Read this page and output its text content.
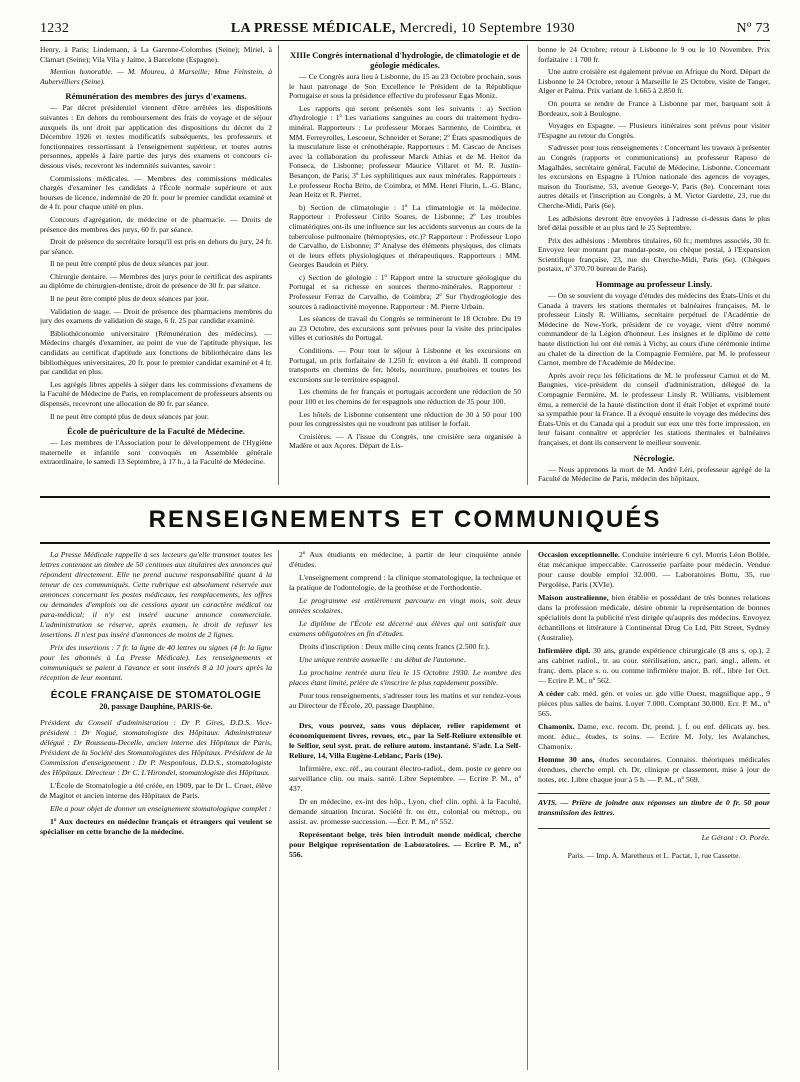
1232	LA PRESSE MÉDICALE, Mercredi, 10 Septembre 1930	Nº 73

Henry, à Paris; Lindemann, à La Garenne-Colombes (Seine); Miriel, à Clamart (Seine); Vila Vila y Jaime, à Barcelone (Espagne).

Mention honorable. — M. Moureu, à Marseille; Mme Feinstein, à Aubervilliers (Seine).

Rémunération des membres des jurys d'examens.

— Par décret présidentiel viennent d'être arrêtées les dispositions suivantes : En dehors du remboursement des frais de voyage et de séjour auxquels ils ont droit par application des dispositions du décret du 2 Décembre 1926 et textes modificatifs subséquents, les professeurs et fonctionnaires ressortissant à l'enseignement supérieur, et toutes autres personnes, appelés à faire partie des jurys des examens et concours ci-dessous visés, recevront les indemnités suivantes, savoir :

Commissions médicales. — Membres des commissions médicales chargés d'examiner les candidats à l'École normale supérieure et aux bourses de licence, indemnité de 20 fr. pour le premier candidat examiné et de 4 fr. pour chaque unité en plus.

Concours d'agrégation, de médecine et de pharmacie. — Droits de présence des membres des jurys, 60 fr. par séance.

Droit de présence du secrétaire lorsqu'il est pris en dehors du jury, 24 fr. par séance.

Il ne peut être compté plus de deux séances par jour.

Chirurgie dentaire. — Membres des jurys pour le certificat des aspirants au diplôme de chirurgien-dentiste, droit de présence de 30 fr. par séance.

Il ne peut être compté plus de deux séances par jour.

Validation de stage. — Droit de présence des pharmaciens membres du jury des examens de validation de stage, 6 fr. 25 par candidat examiné.

Bibliothéconomie universitaire (Rémunération des médecins). — Médecins chargés d'examiner, au point de vue de l'aptitude physique, les candidats au certificat d'aptitude aux fonctions de bibliothécaire dans les bibliothèques universitaires, 20 fr. pour le premier candidat examiné et 4 fr. par candidat en plus.

Les agrégés libres appelés à siéger dans les commissions d'examens de la Faculté de Médecine de Paris, en remplacement de professeurs absents ou dispensés, recevront une allocation de 80 fr. par séance.

Il ne peut être compté plus de deux séances par jour.

École de puériculture de la Faculté de Médecine.

— Les membres de l'Association pour le développement de l'Hygiène maternelle et infantile sont convoqués en Assemblée générale extraordinaire, le samedi 13 Septembre, à 17 h., à la Faculté de Médecine.

XIIIe Congrès international d'hydrologie, de climatologie et de géologie médicales.

— Ce Congrès aura lieu à Lisbonne, du 15 au 23 Octobre prochain, sous le haut patronage de Son Excellence le Président de la République Portugaise et sous la présidence effective du professeur Egas Moniz.

Les rapports qui seront présentés sont les suivants : a) Section d'hydrologie : 1º Les variations sanguines au cours du traitement hydro-minéral. Rapporteurs : Le professeur Moraes Sarmento, de Coimbra, et MM. Ferreyrolles, Lescoeur, Schneider et Serane; 2º États spasmodiques de la musculature lisse et crénothérapie. Rapporteurs : M. Cascao de Ancises avec la collaboration du professeur Marck Athias et de M. Heitor da Fonseca, de Lisbonne; professeur Maurice Villaret et M. R. Justin-Besançon, de Paris; 3º Les syphilitiques aux eaux minérales. Rapporteurs : Le professeur Rocha Brito, de Coimbra, et MM. Henri Flurin, L.-G. Blanc, Jean Heitz et R. Pierret.

b) Section de climatologie : 1º La climatologie et la médecine. Rapporteur : Professeur Cirilo Soares, de Lisbonne; 2º Les troubles climatériques ont-ils une influence sur les accidents survenus au cours de la tuberculose pulmonaire (hémoptysies, etc.)? Rapporteur : Professeur Lopo de Carvalho, de Lisbonne; 3º Analyse des éléments physiques, des climats et de leurs effets physiologiques et thérapeutiques. Rapporteurs : MM. Georges Baudoin et Piéry.

c) Section de géologie : 1º Rapport entre la structure géologique du Portugal et sa richesse en sources thermo-minérales. Rapporteur : Professeur Ferraz de Carvalho, de Coimbra; 2º Sur l'hydrogéologie des sources à radioactivité moyenne. Rapporteur : M. Pierre Urbain.

Les séances de travail du Congrès se termineront le 18 Octobre. Du 19 au 23 Octobre, des excursions sont prévues pour la visite des principales villes et curiosités du Portugal.

Conditions. — Pour tout le séjour à Lisbonne et les excursions en Portugal, un prix forfaitaire de 1.250 fr. environ a été établi. Il comprend transports en chemins de fer, hôtels, nourriture, pourboires et toutes les excursions sur le territoire espagnol.

Les chemins de fer français et portugais accordent une réduction de 50 pour 100 et les chemins de fer espagnols une réduction de 35 pour 100.

Les hôtels de Lisbonne consentent une réduction de 30 à 50 pour 100 pour les congressistes qui ne voudront pas utiliser le forfait.

Croisières. — A l'issue du Congrès, une croisière sera organisée à Madère et aux Açores. Départ de Lis-

bonne le 24 Octobre; retour à Lisbonne le 9 ou le 10 Novembre. Prix forfaitaire : 1 700 fr.

Une autre croisière est également prévue en Afrique du Nord. Départ de Lisbonne le 24 Octobre, retour à Marseille le 25 Octobre, visite de Tanger, Alger et Palma. Prix variant de 1.665 à 2.850 fr.

On pourra se rendre de France à Lisbonne par mer, barquant soit à Bordeaux, soit à Boulogne.

Voyages en Espagne. — Plusieurs itinéraires sont prévus pour visiter l'Espagne au retour du Congrès.

S'adresser pour tous renseignements : Concernant les travaux à présenter au Congrès (rapports et communications) au professeur Raposo de Magalhães, secrétaire général, Faculté de Médecine, Lisbonne. Concernant les excursions en Espagne à l'Union nationale des agences de voyages, maison du Tourisme, 53, avenue George-V, Paris (8e). Concernant tous autres détails et l'inscription au Congrès, à M. Victor Gardette, 23, rue du Cherche-Midi, Paris (6e).

Les adhésions devront être envoyées à l'adresse ci-dessus dans le plus bref délai possible et au plus tard le 25 Septembre.

Prix des adhésions : Membres titulaires, 60 fr.; membres associés, 30 fr. Envoyez leur montant par mandat-poste, ou chèque postal, à l'Expansion Scientifique française, 23, rue du Cherche-Midi, Paris (6e). (Chèques postaux, nº 370.70 bureau de Paris).

Hommage au professeur Linsly.

— On se souvient du voyage d'études des médecins des États-Unis et du Canada à travers les stations thermales et balnéaires françaises. M. le professeur Linsly R. Williams, secrétaire perpétuel de l'Académie de Médecine de New-York, président de ce voyage, vient d'être nommé commandeur de la Légion d'honneur. Les insignes et le diplôme de cette haute distinction lui ont été remis à Vichy, au cours d'une cérémonie intime au chalet de la direction de la Compagnie Fermière, par M. le professeur Carnot, membre de l'Académie de Médecine.

Après avoir reçu les félicitations de M. le professeur Carnot et de M. Baugnies, vice-président du conseil d'administration, délégué de la Compagnie Fermière, M. le professeur Linsly R. Williams, visiblement ému, a remercié de la haute distinction dont il était l'objet et exprimé toute sa sympathie pour la France. Il a évoqué ensuite le voyage des médecins des États-Unis et du Canada qui a produit sur eux une très forte impression, en leur faisant connaître et apprécier les stations thermales et balnéaires françaises, et dont ils conservent le meilleur souvenir.

Nécrologie.

— Nous apprenons la mort de M. André Léri, professeur agrégé de la Faculté de Médecine de Paris, médecin des hôpitaux.

RENSEIGNEMENTS ET COMMUNIQUÉS

La Presse Médicale rappelle à ses lecteurs qu'elle transmet toutes les lettres contenant un timbre de 50 centimes aux titulaires des annonces qui répondent directement. Elle ne prend aucune responsabilité quant à la teneur de ces communiqués. Cette rubrique est absolument réservée aux annonces concernant les postes médicaux, les remplacements, les offres ou demandes d'emplois ou de cessions ayant un caractère médical ou para-médical; il n'y est inséré aucune annonce commerciale. L'administration se réserve, après examen, le droit de refuser les insertions. Il n'est pas inséré d'annonces de moins de 2 lignes.

Prix des insertions : 7 fr. la ligne de 40 lettres ou signes (4 fr. la ligne pour les abonnés à La Presse Médicale). Les renseignements et communiqués se paient à l'avance et sont insérés 8 à 10 jours après la réception de leur montant.

ÉCOLE FRANÇAISE DE STOMATOLOGIE
20, passage Dauphine, PARIS-6e.

Président du Conseil d'administration : Dr P. Gires, D.D.S. Vice-président : Dr Nogué, stomatologiste des Hôpitaux. Administrateur délégué : Dr Rousseau-Decelle, ancien interne des Hôpitaux de Paris, Président de la Société des Stomatologistes des Hôpitaux. Président de la Commission d'enseignement : Dr P. Nespoulous, D.D.S., stomatologiste des Hôpitaux. Directeur : Dr C. L'Hirondel, stomatologiste des Hôpitaux.

L'École de Stomatologie a été créée, en 1909, par le Dr L. Cruet, élève de Magitot et ancien interne des Hôpitaux de Paris.

Elle a pour objet de donner un enseignement stomatologique complet :

1º Aux docteurs en médecine français et étrangers qui veulent se spécialiser en cette branche de la médecine.

2º Aux étudiants en médecine, à partir de leur cinquième année d'études.

L'enseignement comprend : la clinique stomatologique, la technique et la pratique de l'odontologie, de la prothèse et de l'orthodontie.

Le programme est entièrement parcouru en vingt mois, soit deux années scolaires.

Le diplôme de l'École est décerné aux élèves qui ont satisfait aux examens obligatoires en fin d'études.

Droits d'inscription : Deux mille cinq cents francs (2.500 fr.).

Une unique rentrée annuelle : au début de l'automne.

La prochaine rentrée aura lieu le 15 Octobre 1930. Le nombre des places étant limité, prière de s'inscrire le plus rapidement possible.

Pour tous renseignements, s'adresser tous les matins et sur rendez-vous au Directeur de l'École, 20, passage Dauphine.

Drs, vous pouvez, sans vous déplacer, relier rapidement et économiquement livres, revues, etc., par la Self-Reliure extensible et le Selfior, seul syst. prat. de reliure autom. instantané. S'adr. La Self-Reliure, 14, Villa Eugène-Leblanc, Paris (19e).

Infirmière, exc. réf., au courant électro-radiol., dem. poste ce genre ou surveillance clin. ou mais. santé. Libre Septembre. — Ecrire P. M., nº 437.

Dr en médecine, ex-int des hôp., Lyon, chef clin. ophi. à la Faculté, demande situation Incurat. Société fr. ou étr., colonial ou métrop., ou assist. av. promesse succession. —Écr. P. M., nº 552.

Représentant belge, très bien introduit monde médical, cherche pour Belgique représentation de Laboratoires. — Ecrire P. M., nº 556.

Occasion exceptionnelle. Conduite intérieure 6 cyl. Morris Léon Bollée, état mécanique impeccable. Carrosserie parfaite pour médecin. Vendue pour cause double emploi 32.000. — Laboratoires Bottu, 35, rue Pergolèse, Paris (XVIe).

Maison australienne, bien établie et possédant de très bonnes relations dans la profession médicale, désire obtenir la représentation de bonnes spécialités dont la publicité n'est dirigée qu'auprès des médecins. Envoyez échantillons et littérature à Continental Drug Co Ltd, Pitt Street, Sydney (Australie).

Infirmière dipl. 30 ans, grande expérience chirurgicale (8 ans s. op.), 2 ans cabinet radiol., tr. au cour. stérilisation, ancr., pari. angl., allem. et franç. dem. place s. o. ou comme infirmière major. B. réf., libre 1er Oct. — Ecrire P. M., nº 562.

A céder cab. méd. gén. et voies ur. gde ville Ouest, magnifique app., 9 pièces plus salles de bains. Loyer 7.000. Comptant 30.000. Ecr. P. M., nº 565.

Chamonix. Dame, exc. recom. Dr, prend. j. f. ou enf. délicats ay. bes. mont. éduc., études, ts soins. — Ecrire M. Joly, les Avalanches, Chamonix.

Homme 30 ans, études secondaires. Connaiss. théoriques médicales étendues, cherche empl. ch. Dr, clinique pr classement, mise à jour de notes, etc. Libre chaque jour à 5 h. — P. M., nº 569.

AVIS. — Prière de joindre aux réponses un timbre de 0 fr. 50 pour transmission des lettres.
Le Gérant : O. Porée.
Paris. — Imp. A. Maretheux et L. Pactat, 1, rue Cassette.
